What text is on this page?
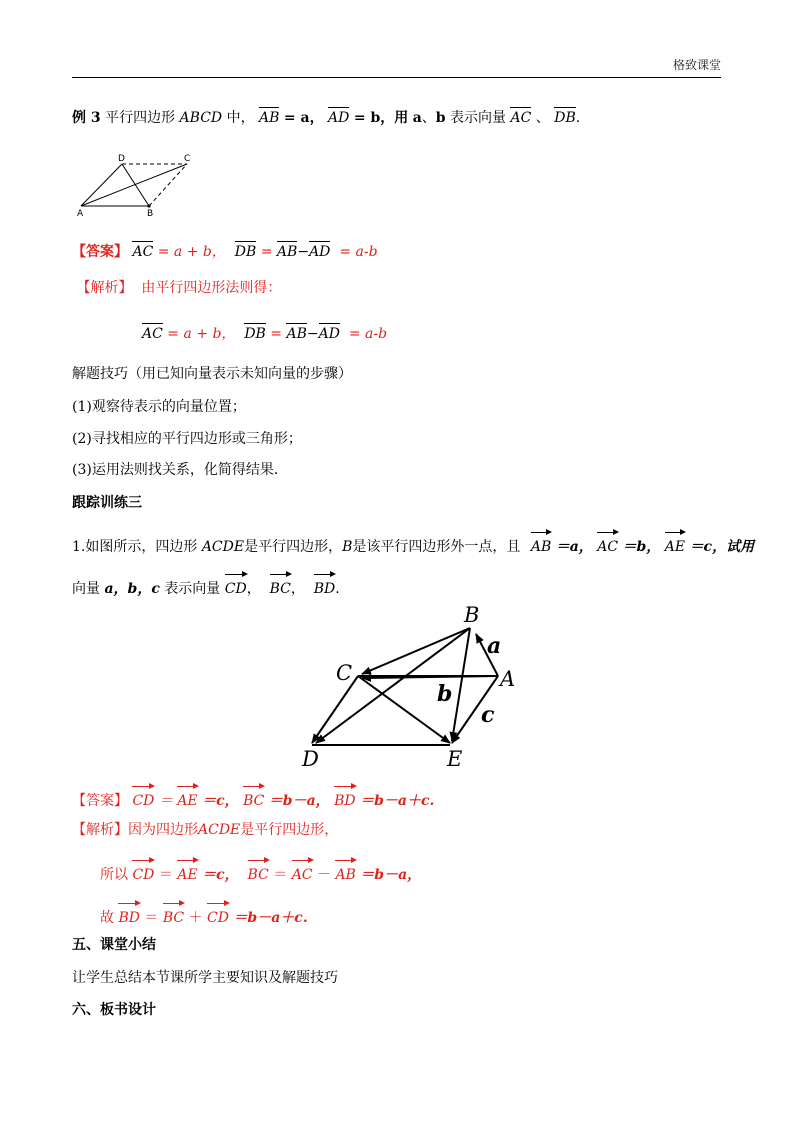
格致课堂
例 3 平行四边形 ABCD 中， AB = a， AD = b，用 a、b 表示向量 AC 、 DB.
D	C
A	B
【答案】 AC = a + b， DB = AB−AD = a-b
【解析】 由平行四边形法则得：
AC = a + b， DB = AB−AD = a-b
解题技巧（用已知向量表示未知向量的步骤）
(1)观察待表示的向量位置；
(2)寻找相应的平行四边形或三角形；
(3)运用法则找关系，化简得结果．
跟踪训练三
1.如图所示，四边形 ACDE是平行四边形，B是该平行四边形外一点，且 AB ＝a， AC ＝b， AE ＝c，试用
向量 a，b，c 表示向量 CD， BC， BD.
B
C	A
D	E
a
b
c
【答案】 CD ＝ AE ＝c， BC ＝b－a， BD ＝b－a＋c.
【解析】因为四边形ACDE是平行四边形，
所以 CD ＝ AE ＝c， BC ＝ AC － AB ＝b－a，
故 BD ＝ BC ＋ CD ＝b－a＋c.
五、课堂小结
让学生总结本节课所学主要知识及解题技巧
六、板书设计
